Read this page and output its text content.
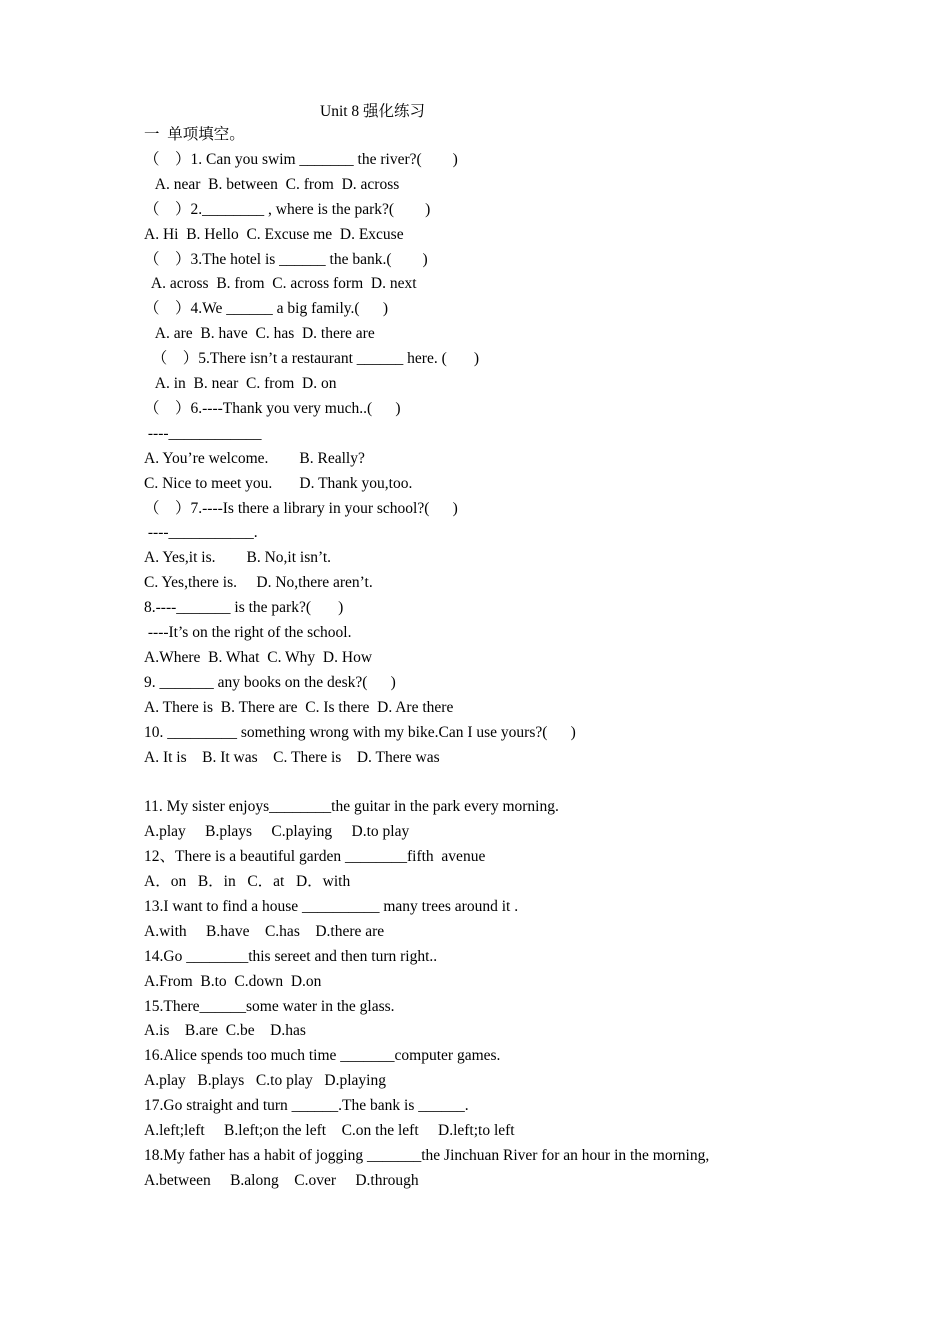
Unit 8 强化练习
一  单项填空。
（    ）1. Can you swim _______ the river?(        )
A. near  B. between  C. from  D. across
（    ）2.________ , where is the park?(        )
A. Hi  B. Hello  C. Excuse me  D. Excuse
（    ）3.The hotel is ______ the bank.(        )
A. across  B. from  C. across form  D. next
（    ）4.We ______ a big family.(      )
A. are  B. have  C. has  D. there are
（    ）5.There isn’t a restaurant ______ here. (       )
A. in  B. near  C. from  D. on
（    ）6.----Thank you very much..(      )
----____________
A. You’re welcome.        B. Really?
C. Nice to meet you.       D. Thank you,too.
（    ）7.----Is there a library in your school?(      )
----___________.
A. Yes,it is.        B. No,it isn’t.
C. Yes,there is.     D. No,there aren’t.
8.----_______ is the park?(       )
----It’s on the right of the school.
A.Where  B. What  C. Why  D. How
9. _______ any books on the desk?(      )
A. There is  B. There are  C. Is there  D. Are there
10. _________ something wrong with my bike.Can I use yours?(      )
A. It is    B. It was    C. There is    D. There was
11. My sister enjoys________the guitar in the park every morning.
A.play     B.plays     C.playing     D.to play
12、There is a beautiful garden ________fifth  avenue
A．on   B．in   C．at   D．with
13.I want to find a house __________ many trees around it .
A.with     B.have    C.has    D.there are
14.Go ________this sereet and then turn right..
A.From  B.to  C.down  D.on
15.There______some water in the glass.
A.is    B.are  C.be    D.has
16.Alice spends too much time _______computer games.
A.play   B.plays   C.to play   D.playing
17.Go straight and turn ______.The bank is ______.
A.left;left     B.left;on the left    C.on the left     D.left;to left
18.My father has a habit of jogging _______the Jinchuan River for an hour in the morning,
A.between     B.along    C.over     D.through
